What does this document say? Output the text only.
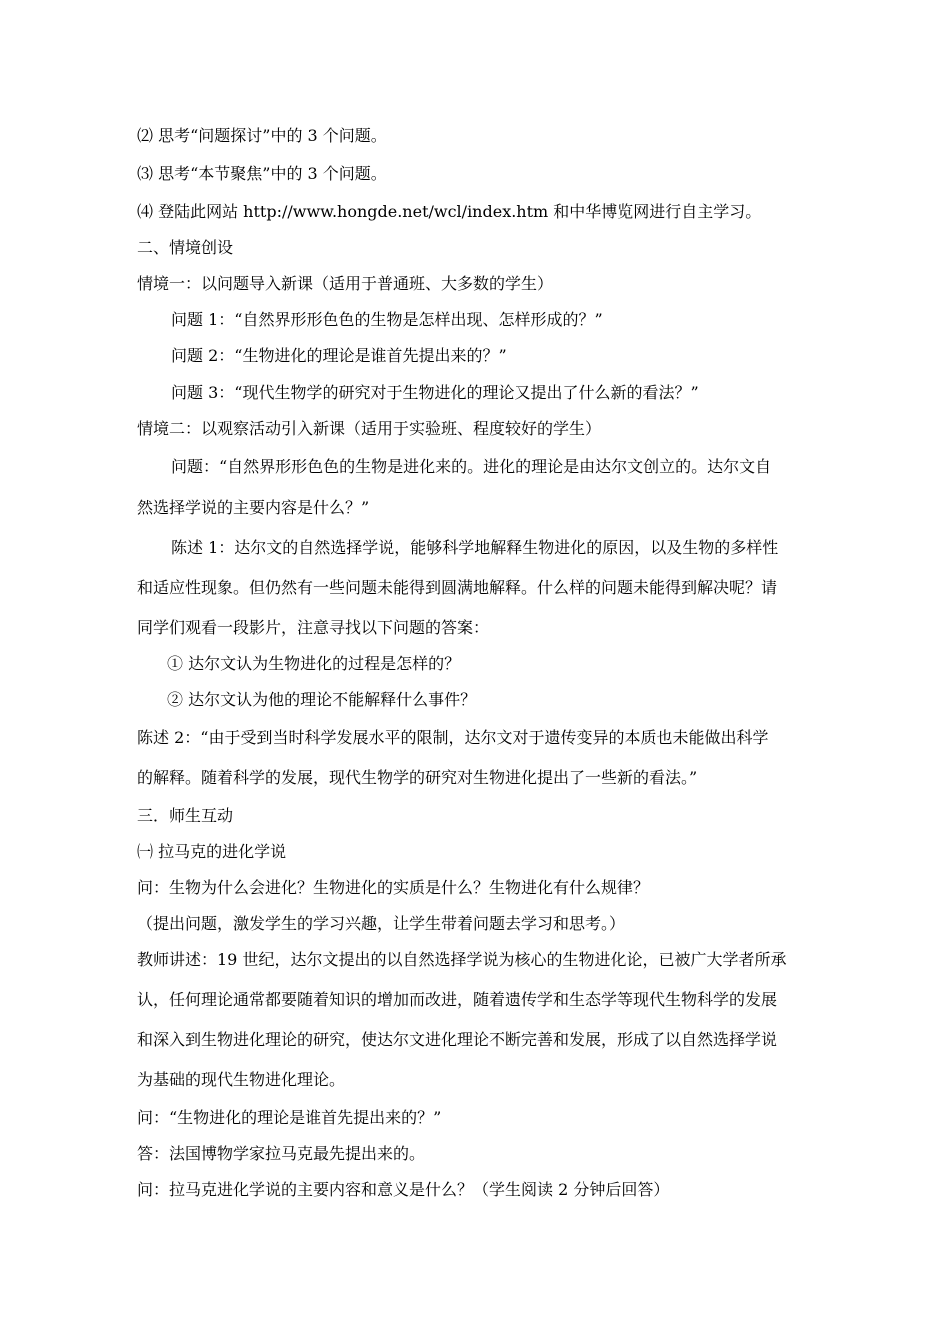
⑵ 思考“问题探讨”中的 3 个问题。
⑶ 思考“本节聚焦”中的 3 个问题。
⑷ 登陆此网站 http://www.hongde.net/wcl/index.htm 和中华博览网进行自主学习。
二、情境创设
情境一：以问题导入新课（适用于普通班、大多数的学生）
问题 1：“自然界形形色色的生物是怎样出现、怎样形成的？”
问题 2：“生物进化的理论是谁首先提出来的？”
问题 3：“现代生物学的研究对于生物进化的理论又提出了什么新的看法？”
情境二：以观察活动引入新课（适用于实验班、程度较好的学生）
问题：“自然界形形色色的生物是进化来的。进化的理论是由达尔文创立的。达尔文自
然选择学说的主要内容是什么？”
陈述 1：达尔文的自然选择学说，能够科学地解释生物进化的原因，以及生物的多样性
和适应性现象。但仍然有一些问题未能得到圆满地解释。什么样的问题未能得到解决呢？请
同学们观看一段影片，注意寻找以下问题的答案：
① 达尔文认为生物进化的过程是怎样的？
② 达尔文认为他的理论不能解释什么事件？
陈述 2：“由于受到当时科学发展水平的限制，达尔文对于遗传变异的本质也未能做出科学
的解释。随着科学的发展，现代生物学的研究对生物进化提出了一些新的看法。”
三．师生互动
㈠ 拉马克的进化学说
问：生物为什么会进化？生物进化的实质是什么？生物进化有什么规律？
（提出问题，激发学生的学习兴趣，让学生带着问题去学习和思考。）
教师讲述：19 世纪，达尔文提出的以自然选择学说为核心的生物进化论，已被广大学者所承
认，任何理论通常都要随着知识的增加而改进，随着遗传学和生态学等现代生物科学的发展
和深入到生物进化理论的研究，使达尔文进化理论不断完善和发展，形成了以自然选择学说
为基础的现代生物进化理论。
问：“生物进化的理论是谁首先提出来的？”
答：法国博物学家拉马克最先提出来的。
问：拉马克进化学说的主要内容和意义是什么？（学生阅读 2 分钟后回答）
